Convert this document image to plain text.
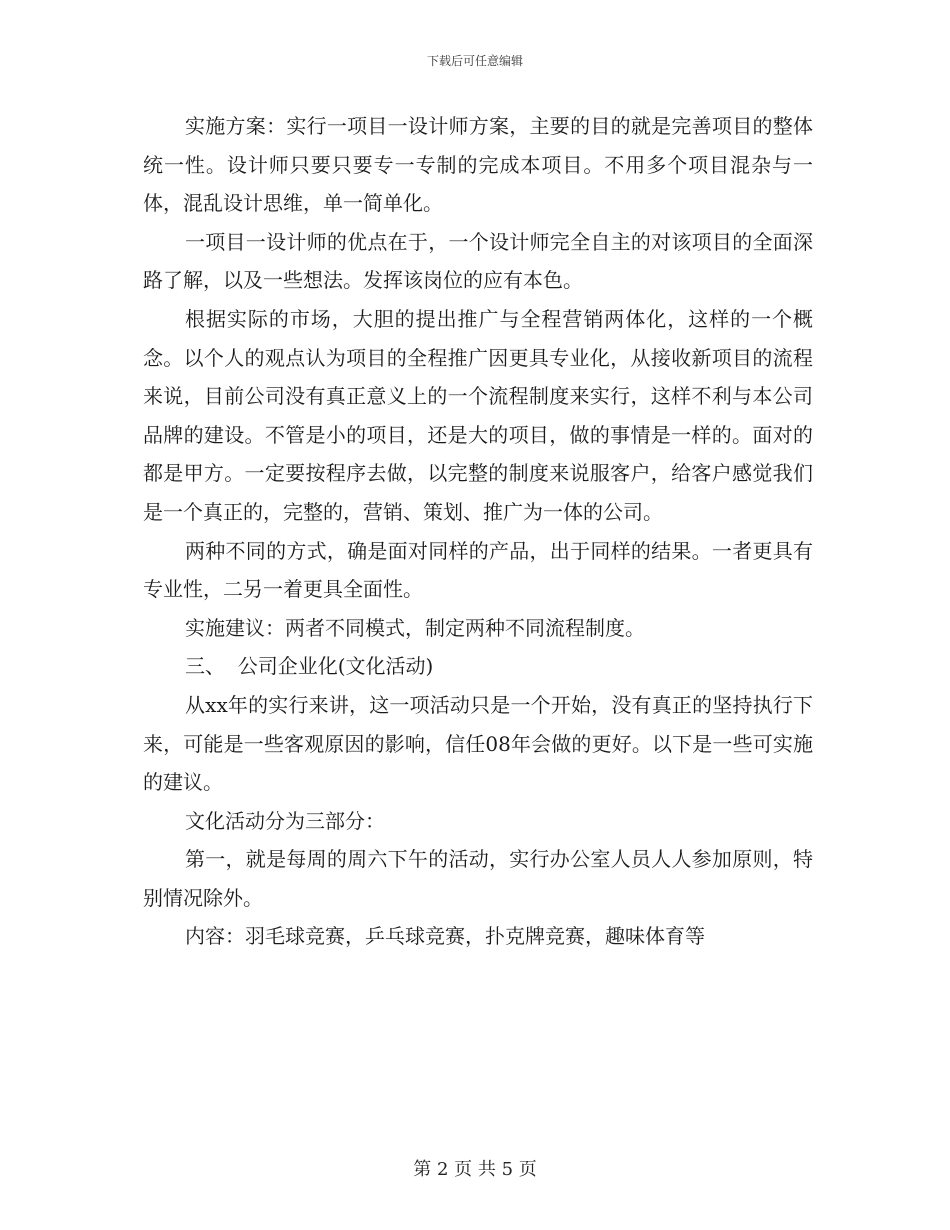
下载后可任意编辑

实施方案：实行一项目一设计师方案，主要的目的就是完善项目的整体统一性。设计师只要只要专一专制的完成本项目。不用多个项目混杂与一体，混乱设计思维，单一简单化。

一项目一设计师的优点在于，一个设计师完全自主的对该项目的全面深路了解，以及一些想法。发挥该岗位的应有本色。

根据实际的市场，大胆的提出推广与全程营销两体化，这样的一个概念。以个人的观点认为项目的全程推广因更具专业化，从接收新项目的流程来说，目前公司没有真正意义上的一个流程制度来实行，这样不利与本公司品牌的建设。不管是小的项目，还是大的项目，做的事情是一样的。面对的都是甲方。一定要按程序去做，以完整的制度来说服客户，给客户感觉我们是一个真正的，完整的，营销、策划、推广为一体的公司。

两种不同的方式，确是面对同样的产品，出于同样的结果。一者更具有专业性，二另一着更具全面性。

实施建议：两者不同模式，制定两种不同流程制度。

三、  公司企业化(文化活动)

从xx年的实行来讲，这一项活动只是一个开始，没有真正的坚持执行下来，可能是一些客观原因的影响，信任08年会做的更好。以下是一些可实施的建议。

文化活动分为三部分：

第一，就是每周的周六下午的活动，实行办公室人员人人参加原则，特别情况除外。

内容：羽毛球竞赛，乒乓球竞赛，扑克牌竞赛，趣味体育等

第 2 页 共 5 页
